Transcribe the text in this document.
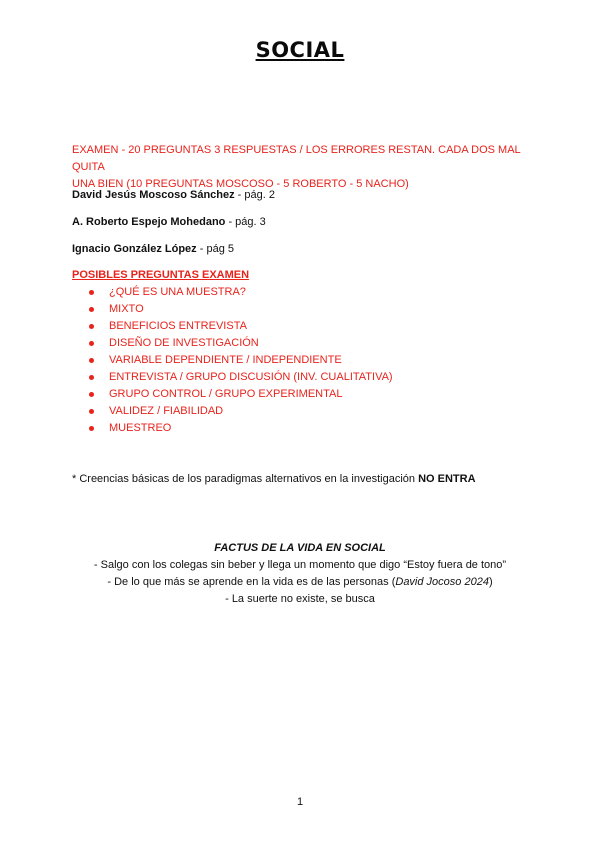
SOCIAL
EXAMEN - 20 PREGUNTAS 3 RESPUESTAS / LOS ERRORES RESTAN. CADA DOS MAL QUITA
UNA BIEN (10 PREGUNTAS MOSCOSO - 5 ROBERTO - 5 NACHO)
David Jesús Moscoso Sánchez - pág. 2
A. Roberto Espejo Mohedano - pág. 3
Ignacio González López - pág 5
POSIBLES PREGUNTAS EXAMEN
¿QUÉ ES UNA MUESTRA?
MIXTO
BENEFICIOS ENTREVISTA
DISEÑO DE INVESTIGACIÓN
VARIABLE DEPENDIENTE / INDEPENDIENTE
ENTREVISTA / GRUPO DISCUSIÓN (INV. CUALITATIVA)
GRUPO CONTROL / GRUPO EXPERIMENTAL
VALIDEZ / FIABILIDAD
MUESTREO
* Creencias básicas de los paradigmas alternativos en la investigación NO ENTRA
FACTUS DE LA VIDA EN SOCIAL
- Salgo con los colegas sin beber y llega un momento que digo “Estoy fuera de tono”
- De lo que más se aprende en la vida es de las personas (David Jocoso 2024)
- La suerte no existe, se busca
1
